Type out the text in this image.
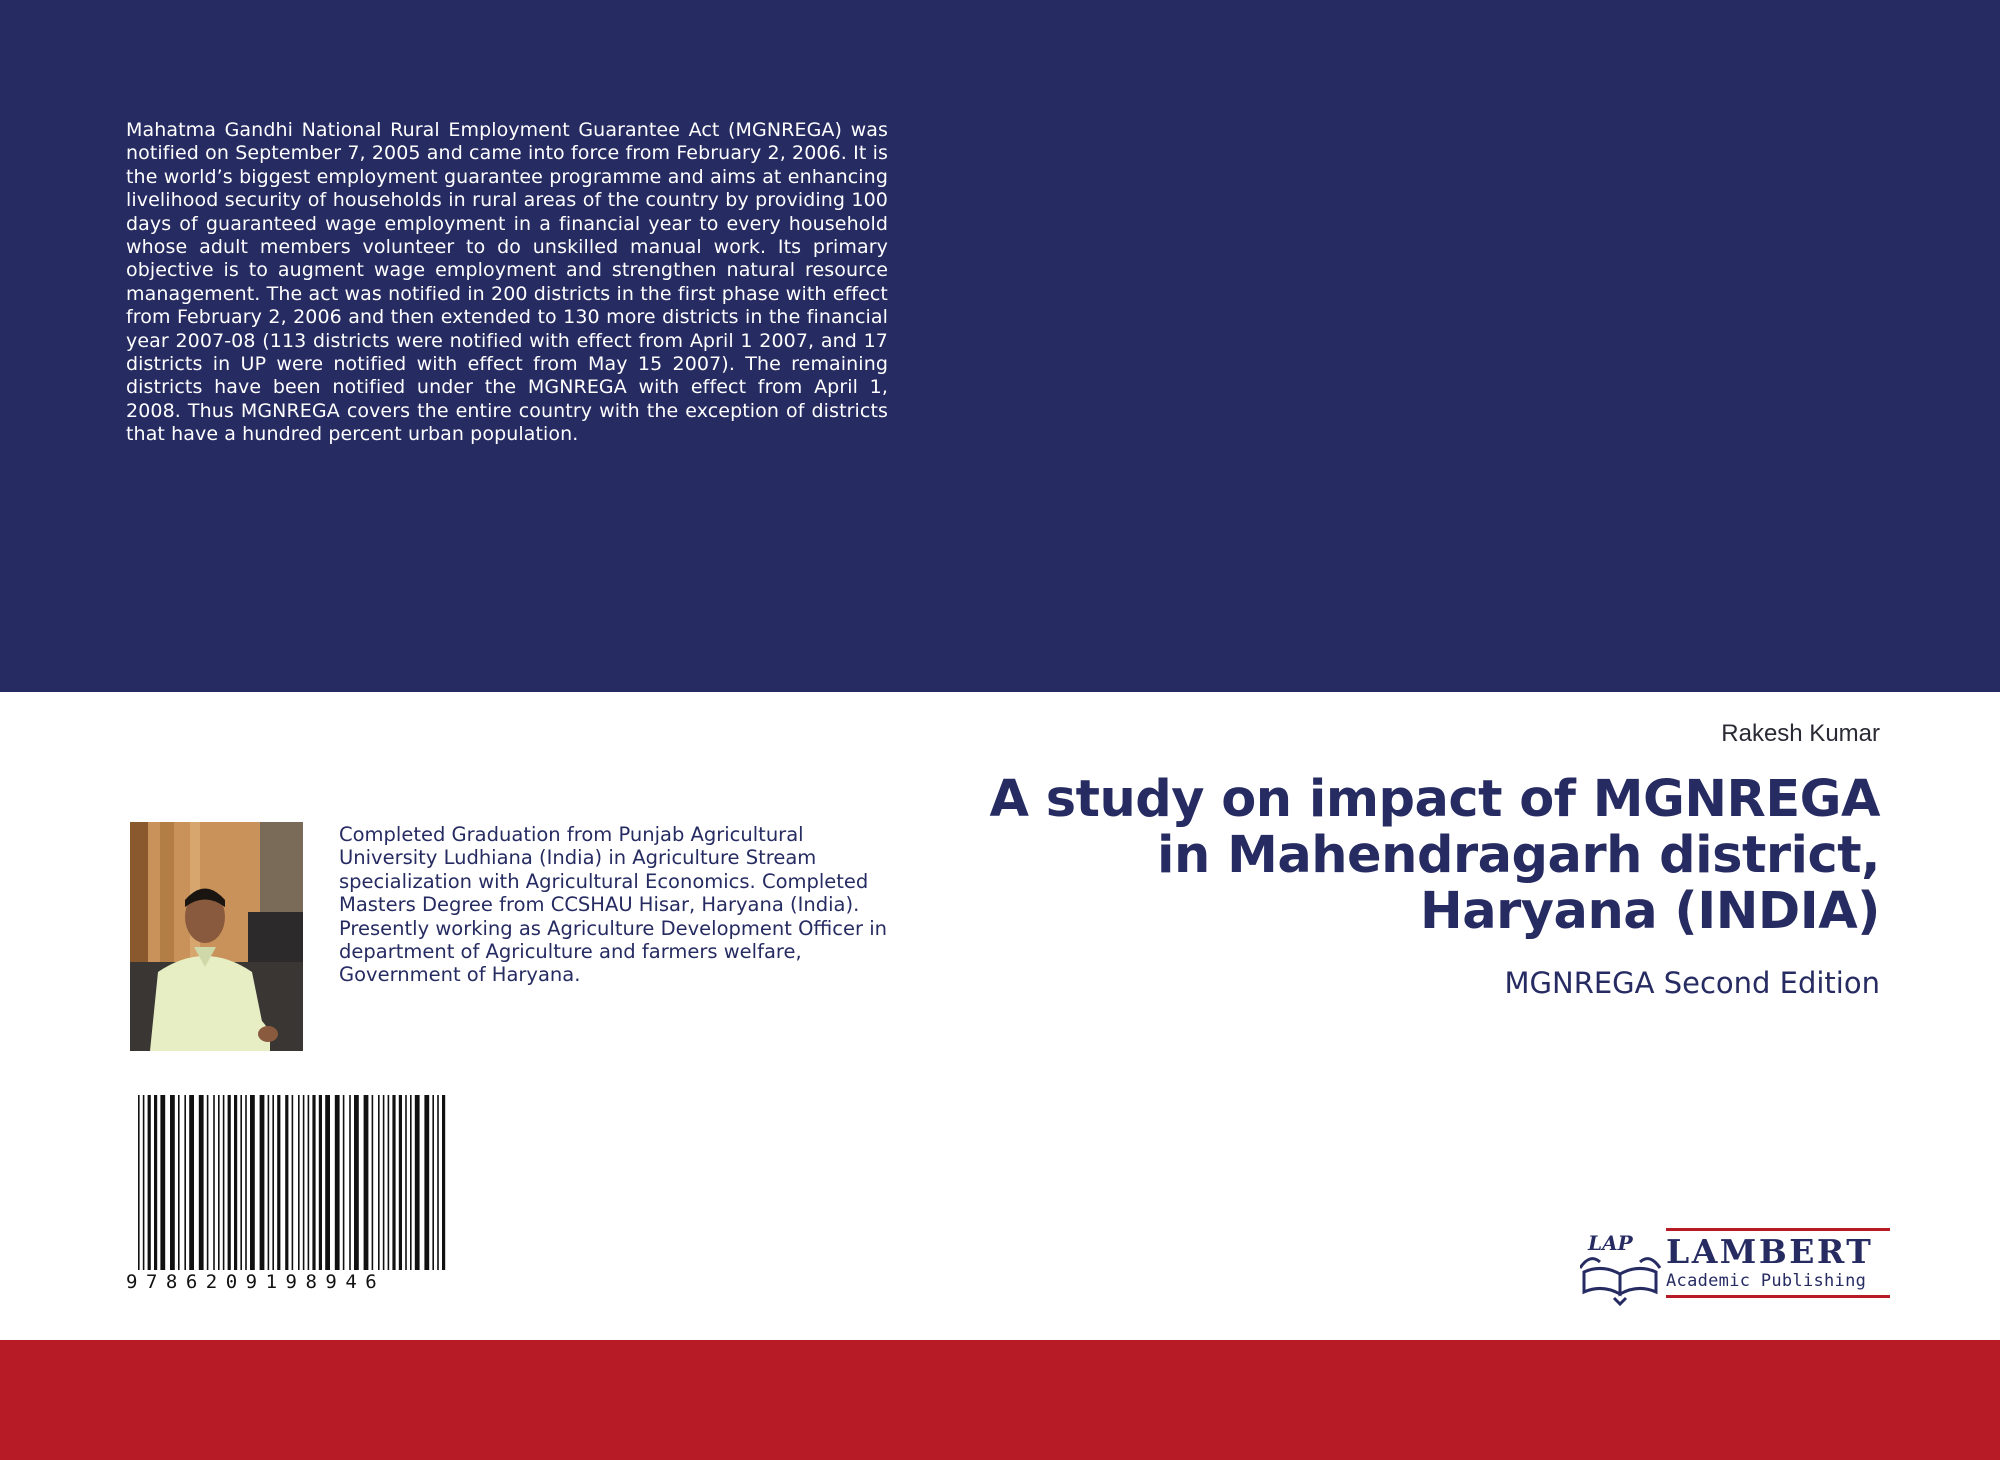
Mahatma Gandhi National Rural Employment Guarantee Act (MGNREGA) was notified on September 7, 2005 and came into force from February 2, 2006. It is the world’s biggest employment guarantee programme and aims at enhancing livelihood security of households in rural areas of the country by providing 100 days of guaranteed wage employment in a financial year to every household whose adult members volunteer to do unskilled manual work. Its primary objective is to augment wage employment and strengthen natural resource management. The act was notified in 200 districts in the first phase with effect from February 2, 2006 and then extended to 130 more districts in the financial year 2007-08 (113 districts were notified with effect from April 1 2007, and 17 districts in UP were notified with effect from May 15 2007). The remaining districts have been notified under the MGNREGA with effect from April 1, 2008. Thus MGNREGA covers the entire country with the exception of districts that have a hundred percent urban population.

Rakesh Kumar
A study on impact of MGNREGA in Mahendragarh district, Haryana (INDIA)
MGNREGA Second Edition

Completed Graduation from Punjab Agricultural University Ludhiana (India) in Agriculture Stream specialization with Agricultural Economics. Completed Masters Degree from CCSHAU Hisar, Haryana (India). Presently working as Agriculture Development Officer in department of Agriculture and farmers welfare, Government of Haryana.

9786209198946
LAP LAMBERT
Academic Publishing
